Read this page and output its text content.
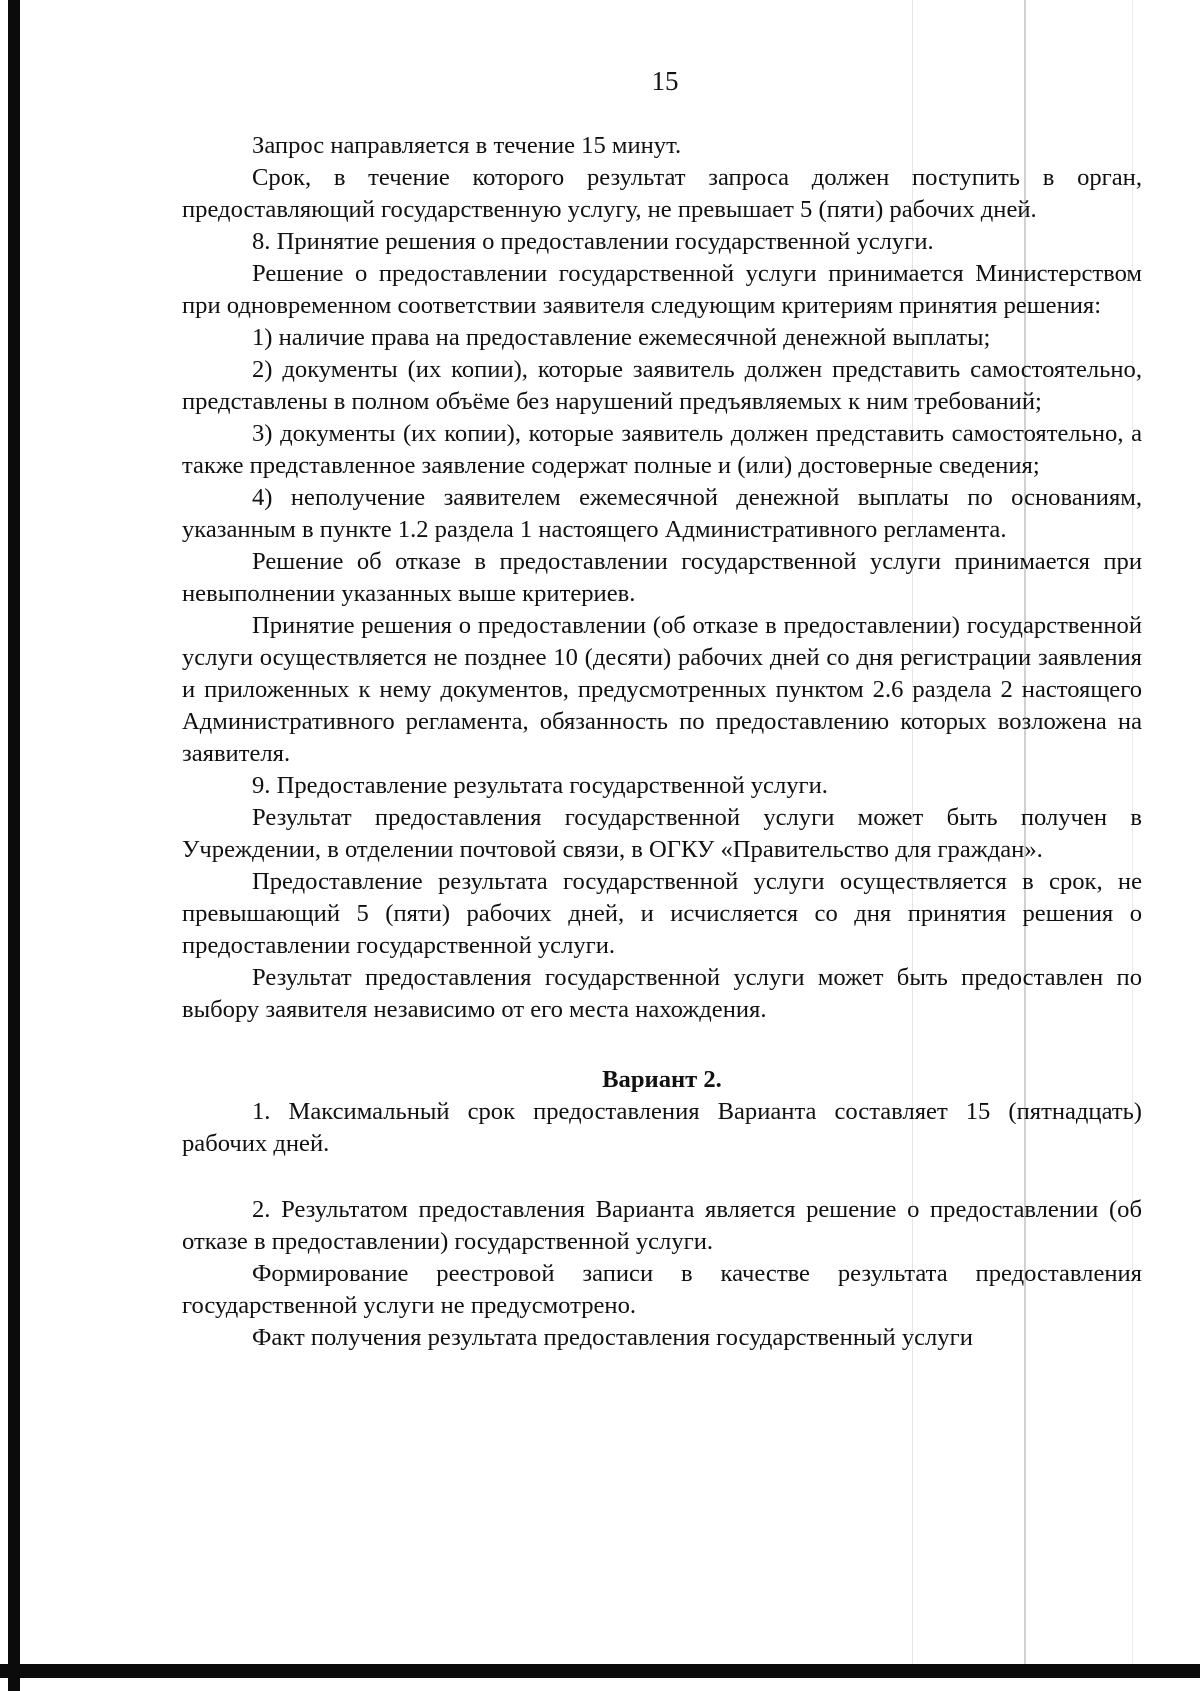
15

Запрос направляется в течение 15 минут.

Срок, в течение которого результат запроса должен поступить в орган, предоставляющий государственную услугу, не превышает 5 (пяти) рабочих дней.

8. Принятие решения о предоставлении государственной услуги.

Решение о предоставлении государственной услуги принимается Министерством при одновременном соответствии заявителя следующим критериям принятия решения:

1) наличие права на предоставление ежемесячной денежной выплаты;

2) документы (их копии), которые заявитель должен представить самостоятельно, представлены в полном объёме без нарушений предъявляемых к ним требований;

3) документы (их копии), которые заявитель должен представить самостоятельно, а также представленное заявление содержат полные и (или) достоверные сведения;

4) неполучение заявителем ежемесячной денежной выплаты по основаниям, указанным в пункте 1.2 раздела 1 настоящего Административного регламента.

Решение об отказе в предоставлении государственной услуги принимается при невыполнении указанных выше критериев.

Принятие решения о предоставлении (об отказе в предоставлении) государственной услуги осуществляется не позднее 10 (десяти) рабочих дней со дня регистрации заявления и приложенных к нему документов, предусмотренных пунктом 2.6 раздела 2 настоящего Административного регламента, обязанность по предоставлению которых возложена на заявителя.

9. Предоставление результата государственной услуги.

Результат предоставления государственной услуги может быть получен в Учреждении, в отделении почтовой связи, в ОГКУ «Правительство для граждан».

Предоставление результата государственной услуги осуществляется в срок, не превышающий 5 (пяти) рабочих дней, и исчисляется со дня принятия решения о предоставлении государственной услуги.

Результат предоставления государственной услуги может быть предоставлен по выбору заявителя независимо от его места нахождения.

Вариант 2.

1. Максимальный срок предоставления Варианта составляет 15 (пятнадцать) рабочих дней.

2. Результатом предоставления Варианта является решение о предоставлении (об отказе в предоставлении) государственной услуги.

Формирование реестровой записи в качестве результата предоставления государственной услуги не предусмотрено.

Факт получения результата предоставления государственный услуги
